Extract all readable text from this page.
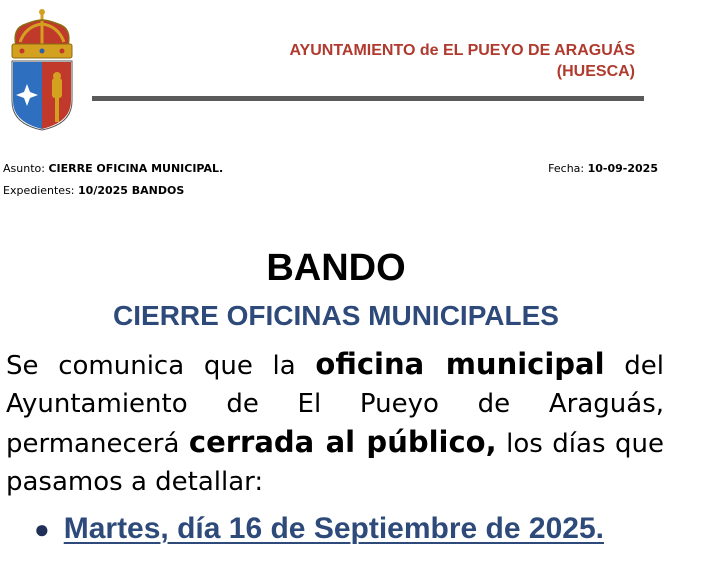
AYUNTAMIENTO de EL PUEYO DE ARAGUÁS
(HUESCA)
Asunto: CIERRE OFICINA MUNICIPAL.
Expedientes: 10/2025 BANDOS
Fecha: 10-09-2025
BANDO
CIERRE OFICINAS MUNICIPALES
Se comunica que la oficina municipal del Ayuntamiento de El Pueyo de Araguás, permanecerá cerrada al público, los días que pasamos a detallar:
● Martes, día 16 de Septiembre de 2025.
